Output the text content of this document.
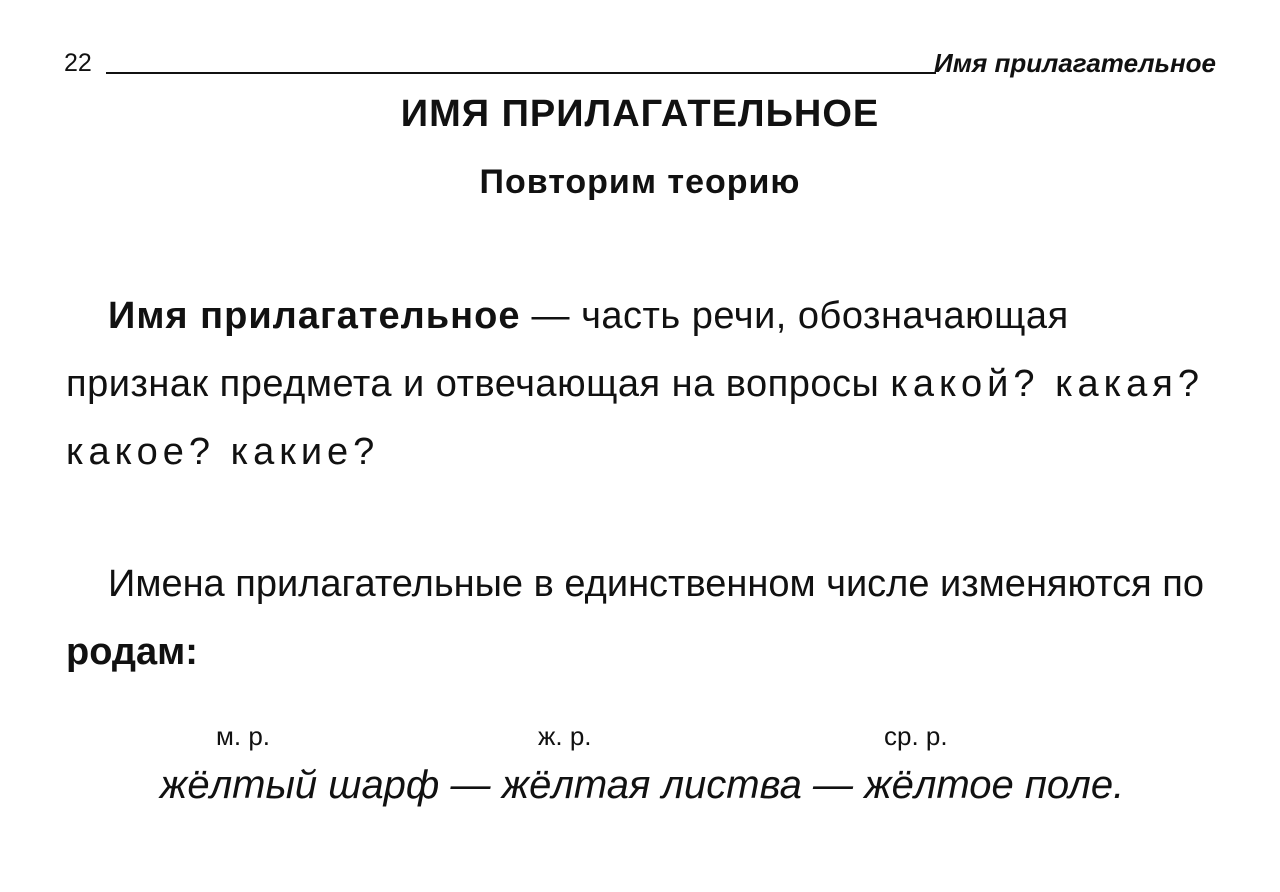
22	Имя прилагательное
ИМЯ ПРИЛАГАТЕЛЬНОЕ
Повторим теорию

Имя прилагательное — часть речи, обозначающая признак предмета и отвечающая на вопросы какой? какая? какое? какие?

Имена прилагательные в единственном числе изменяются по родам:

м. р.	ж. р.	ср. р.
жёлтый шарф — жёлтая листва — жёлтое поле.
